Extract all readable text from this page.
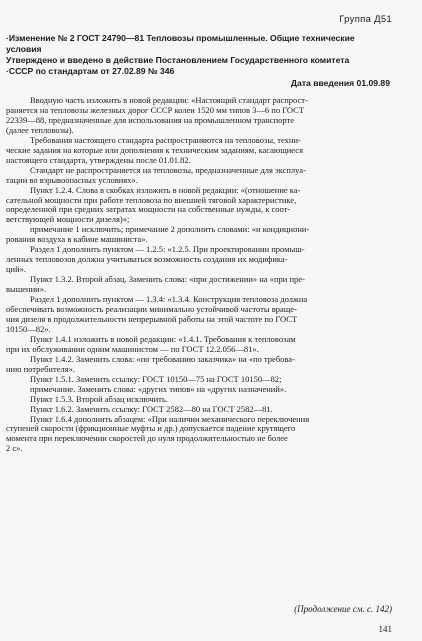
Группа Д51
·Изменение № 2 ГОСТ 24790—81 Тепловозы промышленные. Общие технические
условия
Утверждено и введено в действие Постановлением Государственного комитета
·СССР по стандартам от 27.02.89 № 346
Дата введения 01.09.89
Вводную часть изложить в новой редакции: «Настоящий стандарт распрост-
раняется на тепловозы железных дорог СССР колеи 1520 мм типов 3—6 по ГОСТ
22339—88, предназначенные для использования на промышленном транспорте
(далее тепловозы).
Требования настоящего стандарта распространяются на тепловозы, техни-
ческие задания на которые или дополнения к техническим заданиям, касающиеся
настоящего стандарта, утверждены после 01.01.82.
Стандарт не распространяется на тепловозы, предназначенные для эксплуа-
тации во взрывоопасных условиях».
Пункт 1.2.4. Слова в скобках изложить в новой редакции: «(отношение ка-
сательной мощности при работе тепловоза по внешней тяговой характеристике,
определенной при средних затратах мощности на собственные нужды, к соот-
ветствующей мощности дизеля)»;
примечание 1 исключить; примечание 2 дополнить словами: «и кондициони-
рования воздуха в кабине машиниста».
Раздел 1 дополнить пунктом — 1.2.5: «1.2.5. При проектировании промыш-
ленных тепловозов должна учитываться возможность создания их модифика-
ций».
Пункт 1.3.2. Второй абзац. Заменить слова: «при достижении» на «при пре-
вышении».
Раздел 1 дополнить пунктом — 1.3.4: «1.3.4. Конструкция тепловоза должна
обеспечивать возможность реализации минимально устойчивой частоты враще-
ния дизеля в продолжительности непрерывной работы на этой частоте по ГОСТ
10150—82».
Пункт 1.4.1 изложить в новой редакции: «1.4.1. Требования к тепловозам
при их обслуживании одним машинистом — по ГОСТ 12.2.056—81».
Пункт 1.4.2. Заменить слова: «по требованию заказчика» на «по требова-
нию потребителя».
Пункт 1.5.1. Заменить ссылку: ГОСТ 10150—75 на ГОСТ 10150—82;
примечание. Заменить слова: «других типов» на «других назначений».
Пункт 1.5.3. Второй абзац исключить.
Пункт 1.6.2. Заменить ссылку: ГОСТ 2582—80 на ГОСТ 2582—81.
Пункт 1.6.4 дополнить абзацем: «При наличии механического переключения
ступеней скорости (фрикционные муфты и др.) допускается падение крутящего
момента при переключении скоростей до нуля продолжительностью не более
2 с».
(Продолжение см. с. 142)
141
